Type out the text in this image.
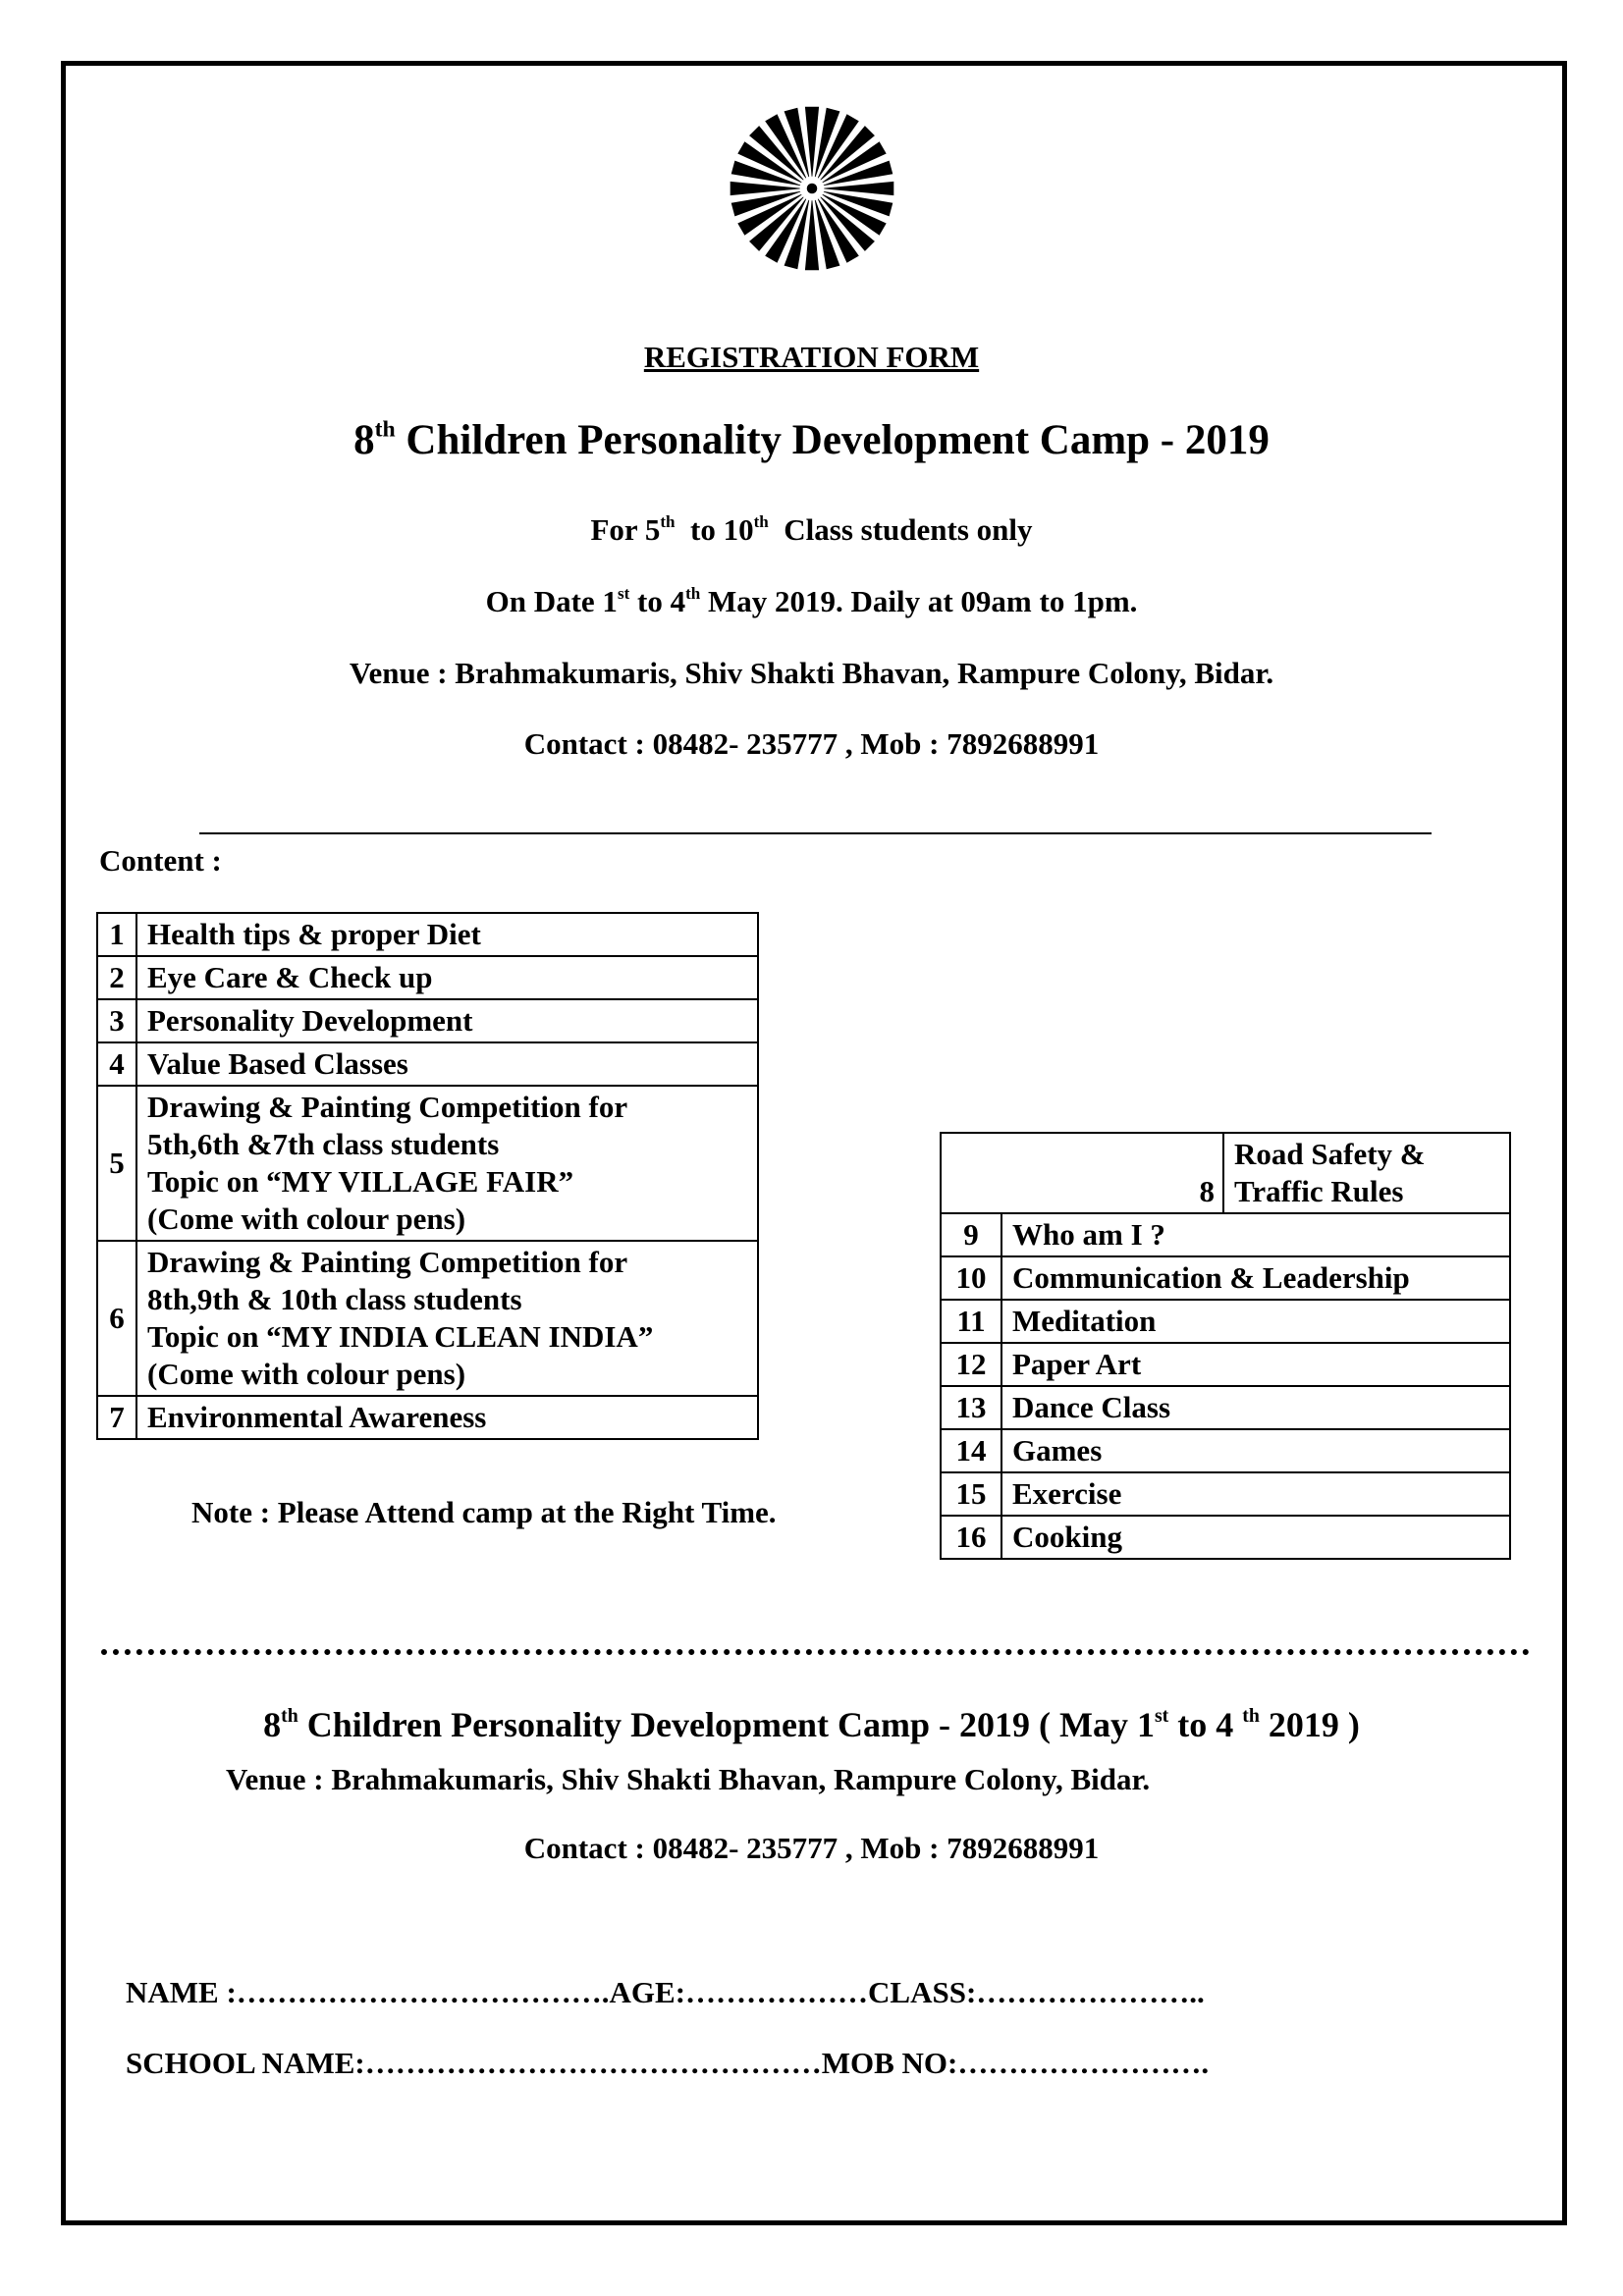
REGISTRATION FORM
8th Children Personality Development Camp - 2019
For 5th to 10th Class students only
On Date 1st to 4th May 2019. Daily at 09am to 1pm.
Venue : Brahmakumaris, Shiv Shakti Bhavan, Rampure Colony, Bidar.
Contact : 08482- 235777 , Mob : 7892688991
Content :
1	Health tips & proper Diet

2	Eye Care & Check up

3	Personality Development

4	Value Based Classes

5	Drawing & Painting Competition for
5th,6th &7th class students
Topic on “MY VILLAGE FAIR”
(Come with colour pens)

6	Drawing & Painting Competition for
8th,9th & 10th class students
Topic on “MY INDIA CLEAN INDIA”
(Come with colour pens)

7	Environmental Awareness
8		Road Safety &
Traffic Rules

9	Who am I ?	

10	Communication & Leadership	

11	Meditation	

12	Paper Art	

13	Dance Class	

14	Games	

15	Exercise	

16	Cooking	
Note : Please Attend camp at the Right Time.
8th Children Personality Development Camp - 2019 ( May 1st to 4 $^{th}$ 2019 )
Venue : Brahmakumaris, Shiv Shakti Bhavan, Rampure Colony, Bidar.
Contact : 08482- 235777 , Mob : 7892688991
NAME :……………………………….AGE:………………CLASS:…………………..
SCHOOL NAME:………………………………………MOB NO:…………………….
